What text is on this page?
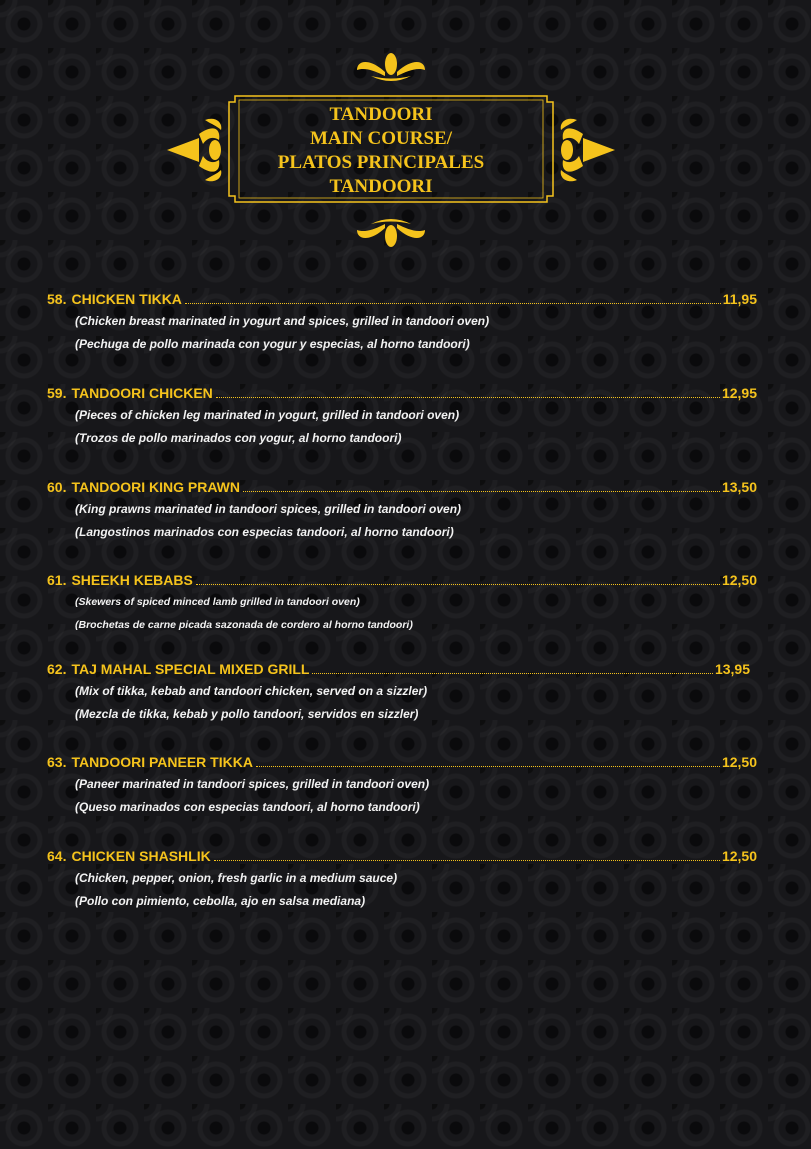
TANDOORI
MAIN COURSE/
PLATOS PRINCIPALES
TANDOORI
58. CHICKEN TIKKA	11,95
(Chicken breast marinated in yogurt and spices, grilled in tandoori oven)
(Pechuga de pollo marinada con yogur y especias, al horno tandoori)
59. TANDOORI CHICKEN	12,95
(Pieces of chicken leg marinated in yogurt, grilled in tandoori oven)
(Trozos de pollo marinados con yogur, al horno tandoori)
60. TANDOORI KING PRAWN	13,50
(King prawns marinated in tandoori spices, grilled in tandoori oven)
(Langostinos marinados con especias tandoori, al horno tandoori)
61. SHEEKH KEBABS	12,50
(Skewers of spiced minced lamb grilled in tandoori oven)
(Brochetas de carne picada sazonada de cordero al horno tandoori)
62. TAJ MAHAL SPECIAL MIXED GRILL	13,95
(Mix of tikka, kebab and tandoori chicken, served on a sizzler)
(Mezcla de tikka, kebab y pollo tandoori, servidos en sizzler)
63. TANDOORI PANEER TIKKA	12,50
(Paneer marinated in tandoori spices, grilled in tandoori oven)
(Queso marinados con especias tandoori, al horno tandoori)
64. CHICKEN SHASHLIK	12,50
(Chicken, pepper, onion, fresh garlic in a medium sauce)
(Pollo con pimiento, cebolla, ajo en salsa mediana)
